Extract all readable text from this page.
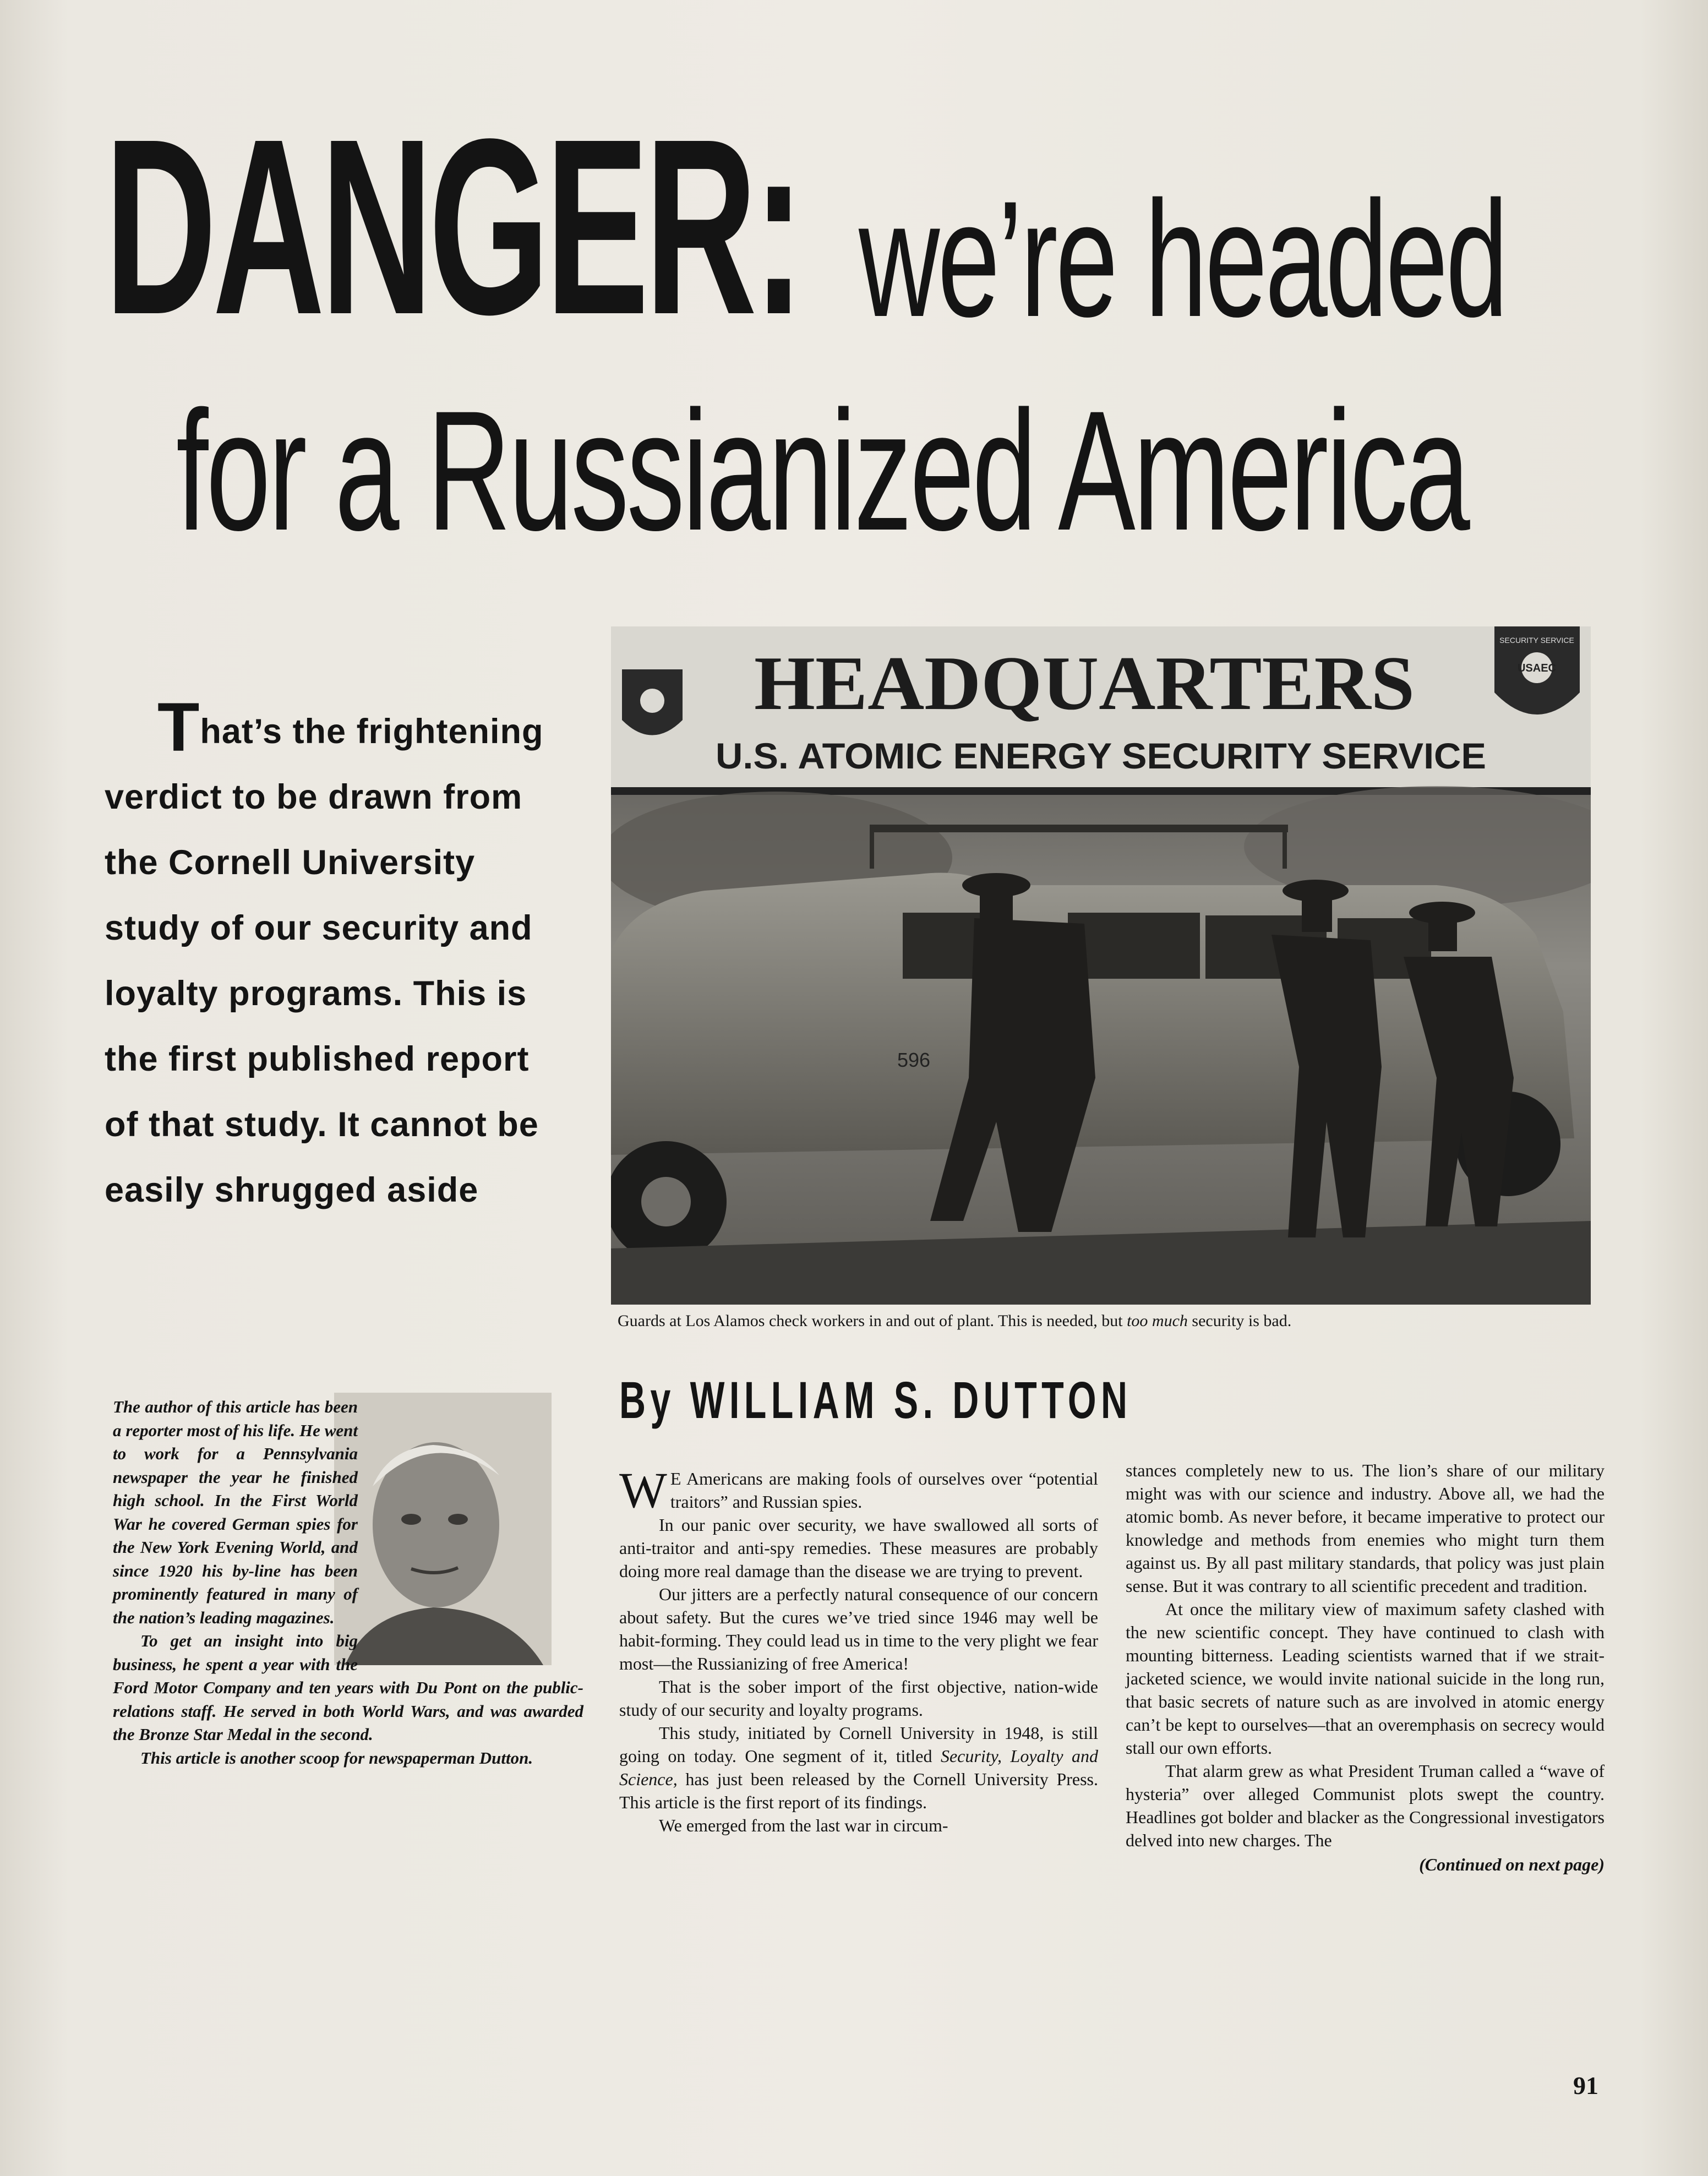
DANGER: we’re headed
for a Russianized America
That’s the frightening verdict to be drawn from the Cornell University study of our security and loyalty programs. This is the first published report of that study. It cannot be easily shrugged aside
USAEC
SECURITY SERVICE
HEADQUARTERS
U.S. ATOMIC ENERGY SECURITY SERVICE
596
Guards at Los Alamos check workers in and out of plant. This is needed, but too much security is bad.
By WILLIAM S. DUTTON

The author of this article has been a reporter most of his life. He went to work for a Pennsylvania newspaper the year he finished high school. In the First World War he covered German spies for the New York Evening World, and since 1920 his by-line has been prominently featured in many of the nation’s leading magazines.

To get an insight into big business, he spent a year with the Ford Motor Company and ten years with Du Pont on the public-relations staff. He served in both World Wars, and was awarded the Bronze Star Medal in the second.

This article is another scoop for newspaperman Dutton.

W E Americans are making fools of ourselves over “potential traitors” and Russian spies.

In our panic over security, we have swallowed all sorts of anti-traitor and anti-spy remedies. These measures are probably doing more real damage than the disease we are trying to prevent.

Our jitters are a perfectly natural consequence of our concern about safety. But the cures we’ve tried since 1946 may well be habit-forming. They could lead us in time to the very plight we fear most—the Russianizing of free America!

That is the sober import of the first objective, nation-wide study of our security and loyalty programs.

This study, initiated by Cornell University in 1948, is still going on today. One segment of it, titled Security, Loyalty and Science, has just been released by the Cornell University Press. This article is the first report of its findings.

We emerged from the last war in circum-

stances completely new to us. The lion’s share of our military might was with our science and industry. Above all, we had the atomic bomb. As never before, it became imperative to protect our knowledge and methods from enemies who might turn them against us. By all past military standards, that policy was just plain sense. But it was contrary to all scientific precedent and tradition.

At once the military view of maximum safety clashed with the new scientific concept. They have continued to clash with mounting bitterness. Leading scientists warned that if we strait-jacketed science, we would invite national suicide in the long run, that basic secrets of nature such as are involved in atomic energy can’t be kept to ourselves—that an overemphasis on secrecy would stall our own efforts.

That alarm grew as what President Truman called a “wave of hysteria” over alleged Communist plots swept the country. Headlines got bolder and blacker as the Congressional investigators delved into new charges. The

(Continued on next page)
91
